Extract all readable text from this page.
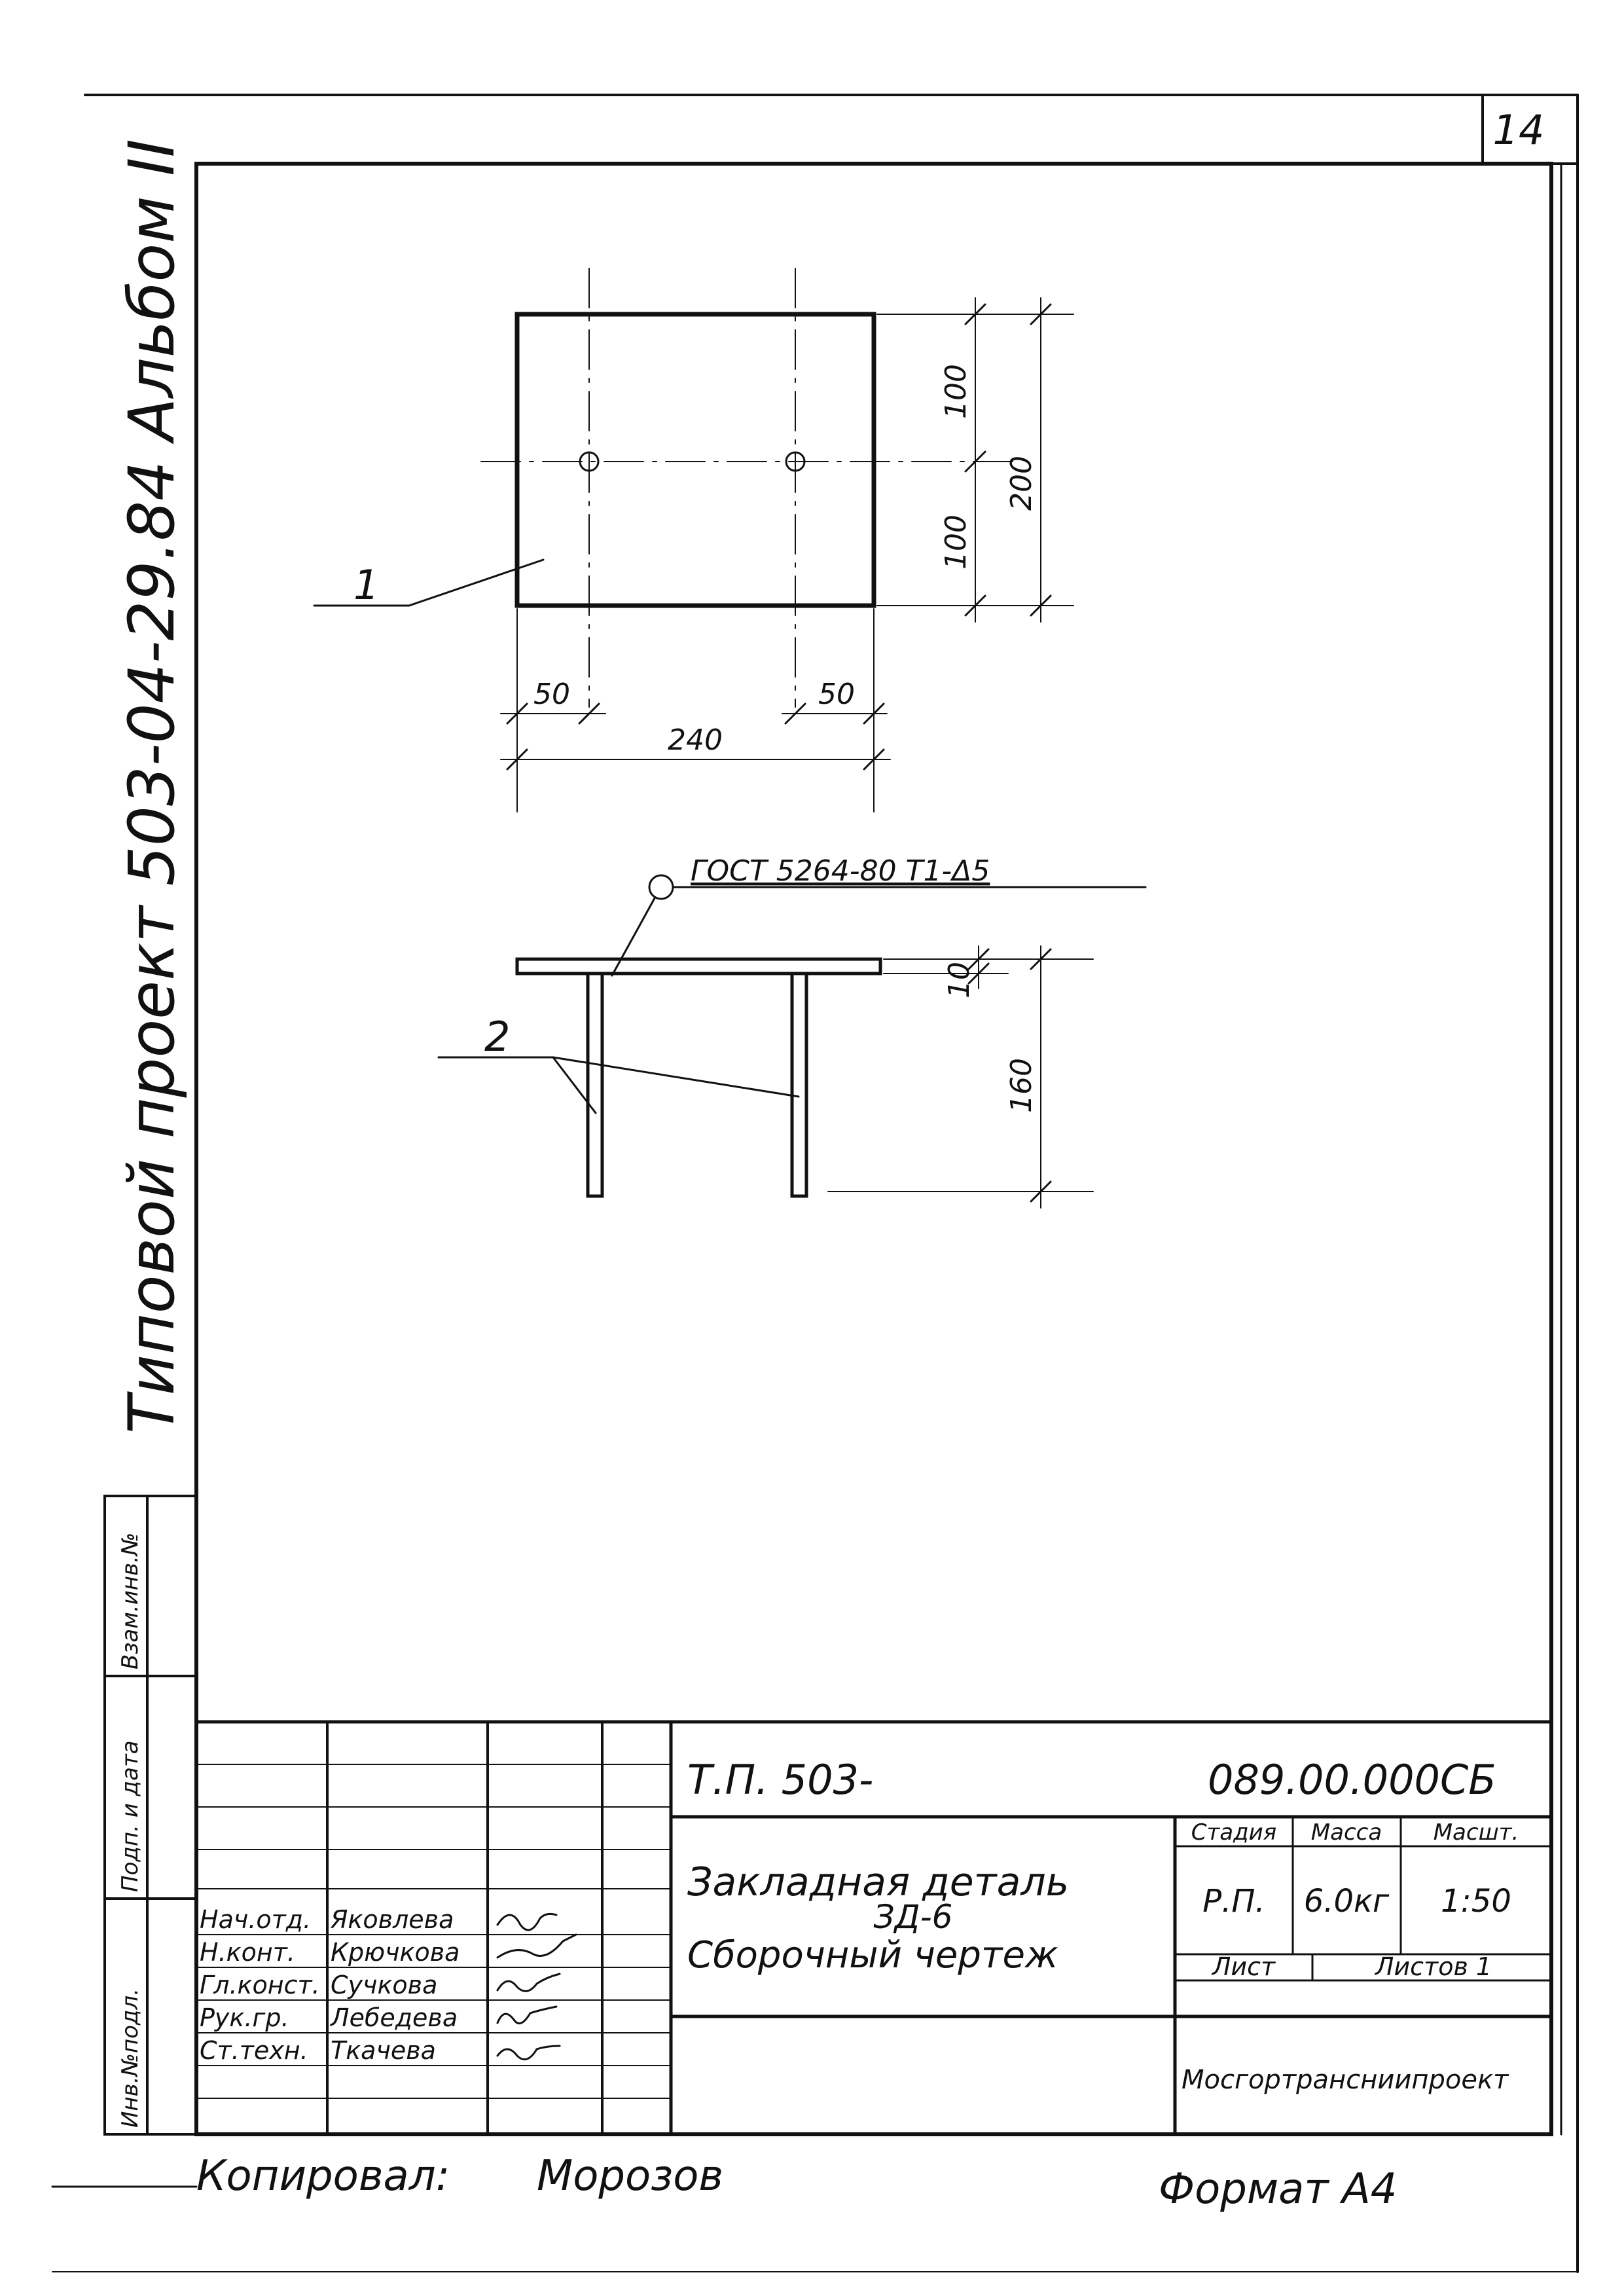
14
Типовой проект 503-04-29.84 Альбом II
Инв.№подл.
Подп. и дата
Взам.инв.№
100
100
200
50	50
240
1
ГОСТ 5264-80 Т1-Δ5
10
160
2
Нач.отд. Яковлева
Н.конт. Крючкова
Гл.конст. Сучкова
Рук.гр. Лебедева
Ст.техн. Ткачева
Т.П. 503-	089.00.000СБ
Закладная деталь
ЗД-6
Сборочный чертеж
Стадия Масса Масшт.
Р.П. 6.0кг 1:50
Лист	Листов 1
Мосгортрансниипроект
Копировал: Морозов	Формат А4
